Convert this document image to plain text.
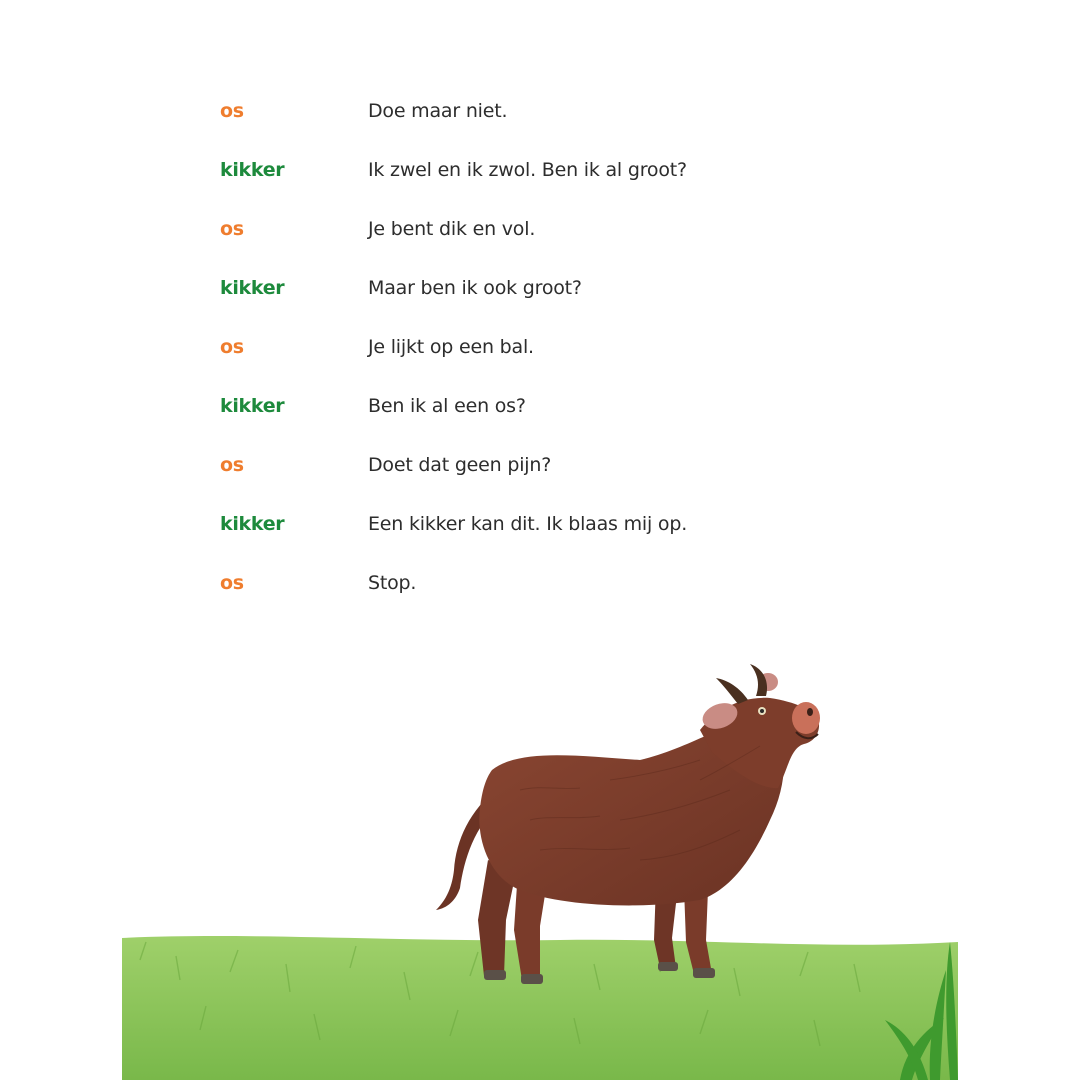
os	Doe maar niet.
kikker	Ik zwel en ik zwol. Ben ik al groot?
os	Je bent dik en vol.
kikker	Maar ben ik ook groot?
os	Je lijkt op een bal.
kikker	Ben ik al een os?
os	Doet dat geen pijn?
kikker	Een kikker kan dit. Ik blaas mij op.
os	Stop.
